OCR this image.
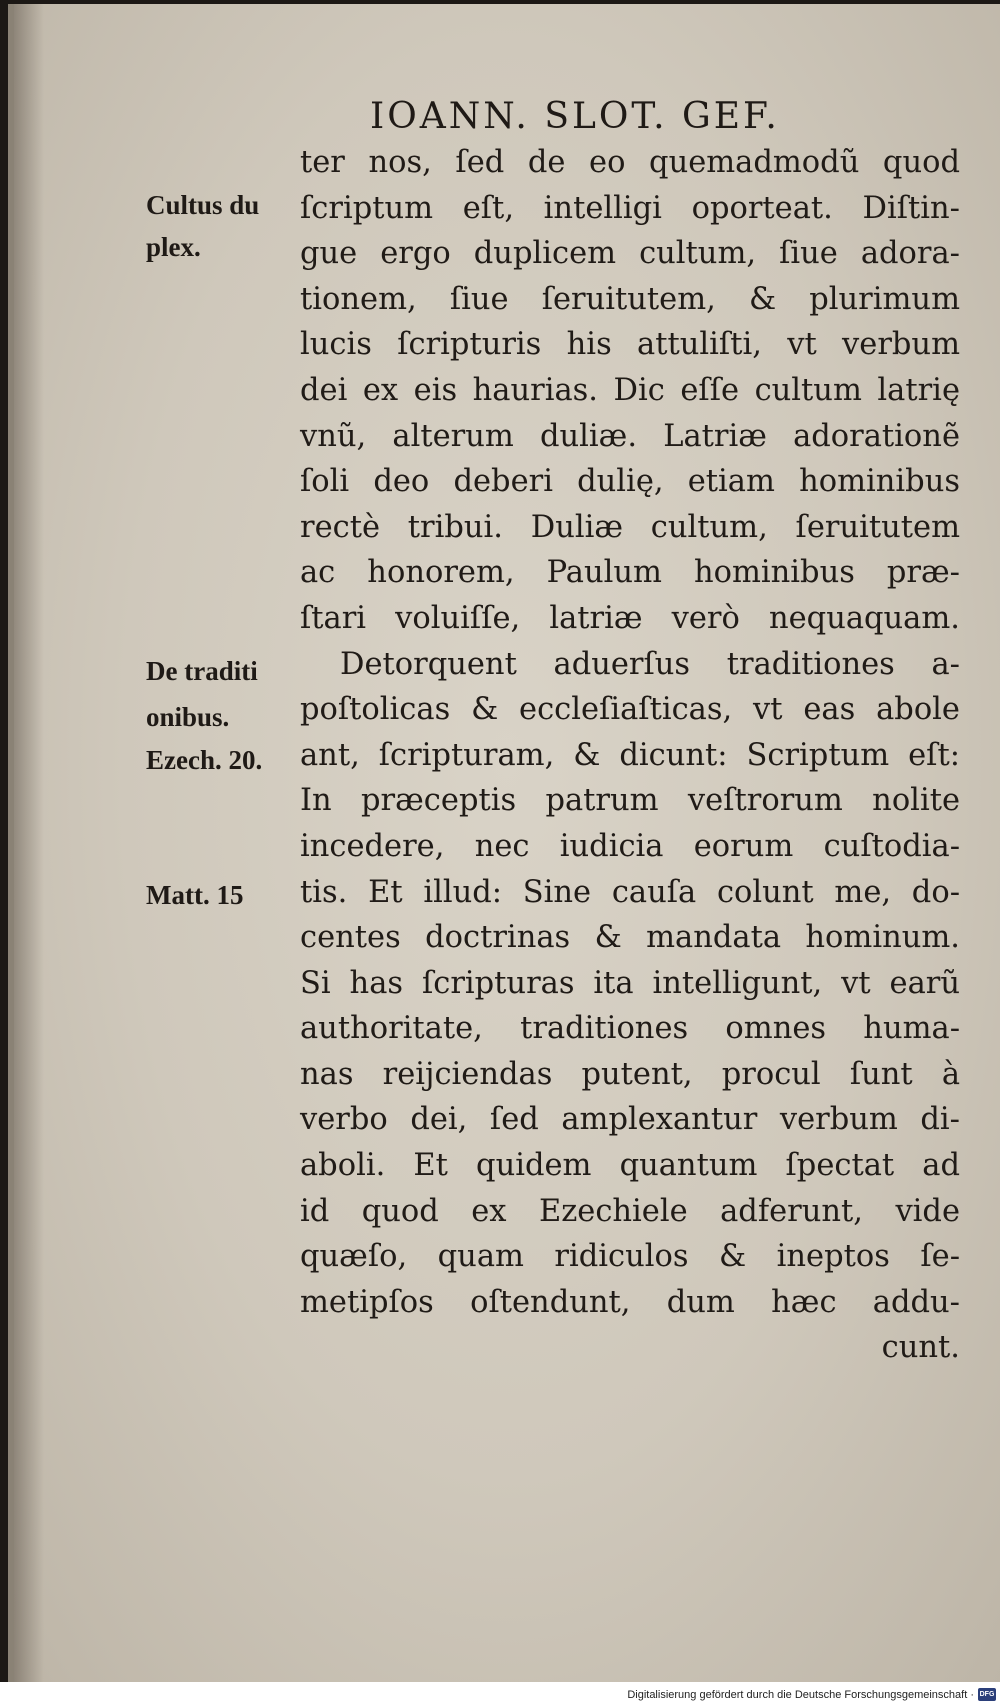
IOANN. SLOT. GEF.
Cultus du
plex.
De traditi
onibus.
Ezech. 20.
Matt. 15
ter nos, ſed de eo quemadmodũ quod
ſcriptum eſt, intelligi oporteat. Diſtin-
gue ergo duplicem cultum, ſiue adora-
tionem, ſiue ſeruitutem, & plurimum
lucis ſcripturis his attuliſti, vt verbum
dei ex eis haurias. Dic eſſe cultum latrię
vnũ, alterum duliæ. Latriæ adorationẽ
ſoli deo deberi dulię, etiam hominibus
rectè tribui. Duliæ cultum, ſeruitutem
ac honorem, Paulum hominibus præ-
ſtari voluiſſe, latriæ verò nequaquam.
Detorquent aduerſus traditiones a-
poſtolicas & eccleſiaſticas, vt eas abole
ant, ſcripturam, & dicunt: Scriptum eſt:
In præceptis patrum veſtrorum nolite
incedere, nec iudicia eorum cuſtodia-
tis. Et illud: Sine cauſa colunt me, do-
centes doctrinas & mandata hominum.
Si has ſcripturas ita intelligunt, vt earũ
authoritate, traditiones omnes huma-
nas reijciendas putent, procul ſunt à
verbo dei, ſed amplexantur verbum di-
aboli. Et quidem quantum ſpectat ad
id quod ex Ezechiele adferunt, vide
quæſo, quam ridiculos & ineptos ſe-
metipſos oſtendunt, dum hæc addu-
cunt.
Digitalisierung gefördert durch die Deutsche Forschungsgemeinschaft · DFG
